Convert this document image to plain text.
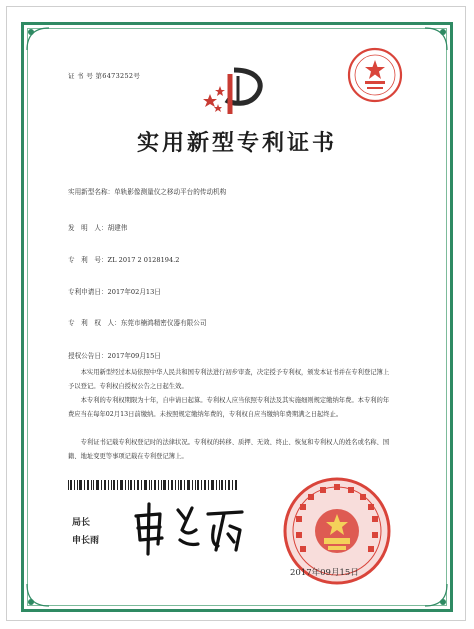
证 书 号 第6473252号
实用新型专利证书
实用新型名称：单轨影像测量仪之移动平台的传动机构
发　明　人：胡建伟
专　利　号：ZL 2017 2 0128194.2
专利申请日：2017年02月13日
专　利　权　人：东莞市楠鸿精密仪器有限公司
授权公告日：2017年09月15日
本实用新型经过本局依照中华人民共和国专利法进行初步审查，决定授予专利权，颁发本证书并在专利登记簿上予以登记。专利权自授权公告之日起生效。
本专利的专利权期限为十年，自申请日起算。专利权人应当依照专利法及其实施细则规定缴纳年费。本专利的年费应当在每年02月13日前缴纳。未按照规定缴纳年费的，专利权自应当缴纳年费期满之日起终止。
专利证书记载专利权登记时的法律状况。专利权的转移、质押、无效、终止、恢复和专利权人的姓名或名称、国籍、地址变更等事项记载在专利登记簿上。
局长
申长雨
2017年09月15日
